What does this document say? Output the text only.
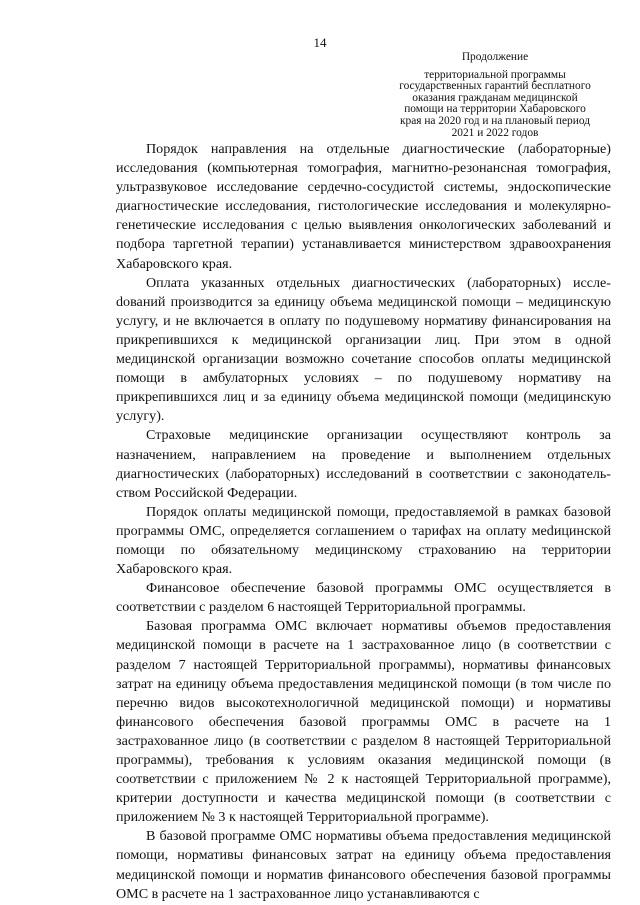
14
Продолжение
территориальной программы
государственных гарантий бесплатного
оказания гражданам медицинской
помощи на территории Хабаровского
края на 2020 год и на плановый период
2021 и 2022 годов

Порядок направления на отдельные диагностические (лабораторные) исследования (компьютерная томография, магнитно-резонансная томография, ультразвуковое исследование сердечно-сосудистой системы, эндоскопические диагностические исследования, гистологические исследования и молекулярно-генетические исследования с целью выявления онкологических заболеваний и подбора таргетной терапии) устанавливается министерством здравоохранения Хабаровского края.

Оплата указанных отдельных диагностических (лабораторных) исслеdований производится за единицу объема медицинской помощи – медицинскую услугу, и не включается в оплату по подушевому нормативу финансирования на прикрепившихся к медицинской организации лиц. При этом в одной медицинской организации возможно сочетание способов оплаты медицинской помощи в амбулаторных условиях – по подушевому нормативу на прикрепившихся лиц и за единицу объема медицинской помощи (медицинскую услугу).

Страховые медицинские организации осуществляют контроль за назначением, направлением на проведение и выполнением отдельных диагностических (лабораторных) исследований в соответствии с законодательством Российской Федерации.

Порядок оплаты медицинской помощи, предоставляемой в рамках базовой программы ОМС, определяется соглашением о тарифах на оплату меdицинской помощи по обязательному медицинскому страхованию на территории Хабаровского края.

Финансовое обеспечение базовой программы ОМС осуществляется в соответствии с разделом 6 настоящей Территориальной программы.

Базовая программа ОМС включает нормативы объемов предоставления медицинской помощи в расчете на 1 застрахованное лицо (в соответствии с разделом 7 настоящей Территориальной программы), нормативы финансовых затрат на единицу объема предоставления медицинской помощи (в том числе по перечню видов высокотехнологичной медицинской помощи) и нормативы финансового обеспечения базовой программы ОМС в расчете на 1 застрахованное лицо (в соответствии с разделом 8 настоящей Территориальной программы), требования к условиям оказания медицинской помощи (в соответствии с приложением № 2 к настоящей Территориальной программе), критерии доступности и качества медицинской помощи (в соответствии с приложением № 3 к настоящей Территориальной программе).

В базовой программе ОМС нормативы объема предоставления медицинской помощи, нормативы финансовых затрат на единицу объема предоставления медицинской помощи и норматив финансового обеспечения базовой программы ОМС в расчете на 1 застрахованное лицо устанавливаются с
